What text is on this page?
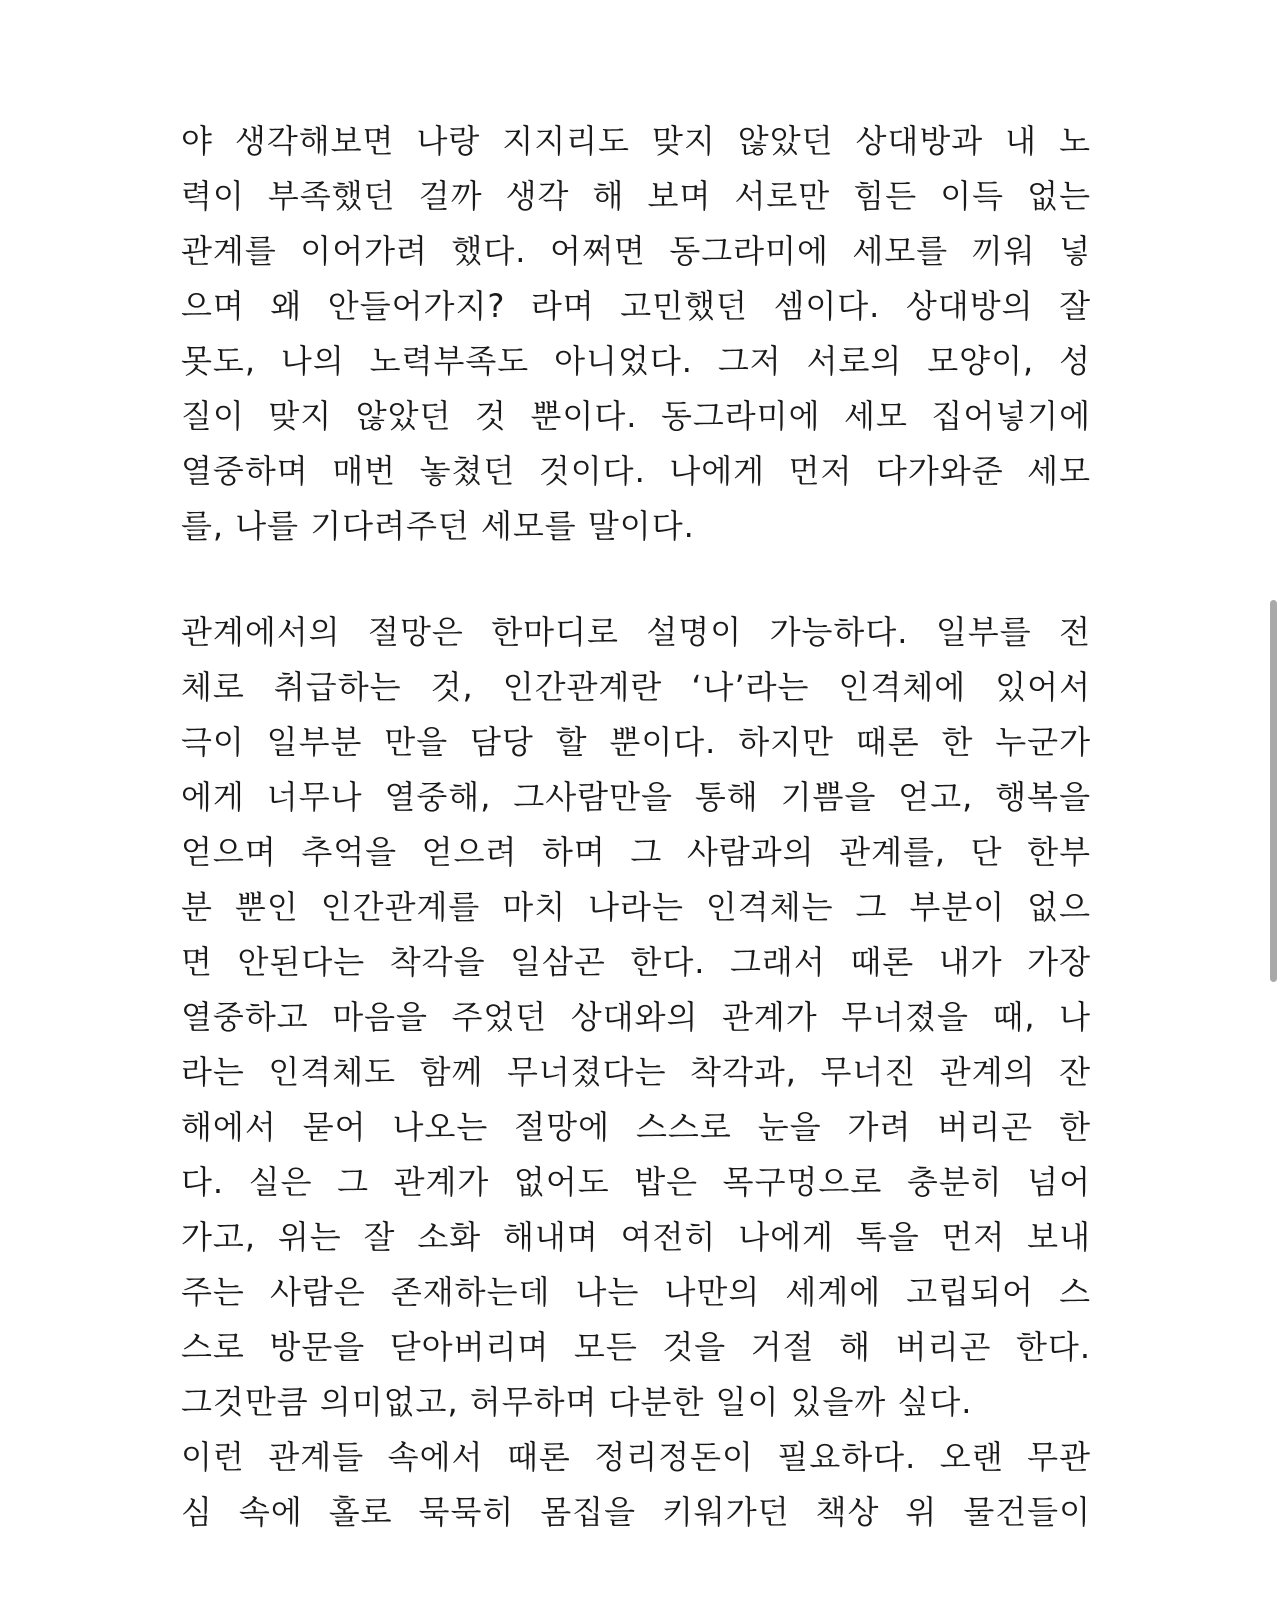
야 생각해보면 나랑 지지리도 맞지 않았던 상대방과 내 노
력이 부족했던 걸까 생각 해 보며 서로만 힘든 이득 없는
관계를 이어가려 했다. 어쩌면 동그라미에 세모를 끼워 넣
으며 왜 안들어가지? 라며 고민했던 셈이다. 상대방의 잘
못도, 나의 노력부족도 아니었다. 그저 서로의 모양이, 성
질이 맞지 않았던 것 뿐이다. 동그라미에 세모 집어넣기에
열중하며 매번 놓쳤던 것이다. 나에게 먼저 다가와준 세모
를, 나를 기다려주던 세모를 말이다.
관계에서의 절망은 한마디로 설명이 가능하다. 일부를 전
체로 취급하는 것, 인간관계란 ‘나’라는 인격체에 있어서
극이 일부분 만을 담당 할 뿐이다. 하지만 때론 한 누군가
에게 너무나 열중해, 그사람만을 통해 기쁨을 얻고, 행복을
얻으며 추억을 얻으려 하며 그 사람과의 관계를, 단 한부
분 뿐인 인간관계를 마치 나라는 인격체는 그 부분이 없으
면 안된다는 착각을 일삼곤 한다. 그래서 때론 내가 가장
열중하고 마음을 주었던 상대와의 관계가 무너졌을 때, 나
라는 인격체도 함께 무너졌다는 착각과, 무너진 관계의 잔
해에서 묻어 나오는 절망에 스스로 눈을 가려 버리곤 한
다. 실은 그 관계가 없어도 밥은 목구멍으로 충분히 넘어
가고, 위는 잘 소화 해내며 여전히 나에게 톡을 먼저 보내
주는 사람은 존재하는데 나는 나만의 세계에 고립되어 스
스로 방문을 닫아버리며 모든 것을 거절 해 버리곤 한다.
그것만큼 의미없고, 허무하며 다분한 일이 있을까 싶다.
이런 관계들 속에서 때론 정리정돈이 필요하다. 오랜 무관
심 속에 홀로 묵묵히 몸집을 키워가던 책상 위 물건들이
